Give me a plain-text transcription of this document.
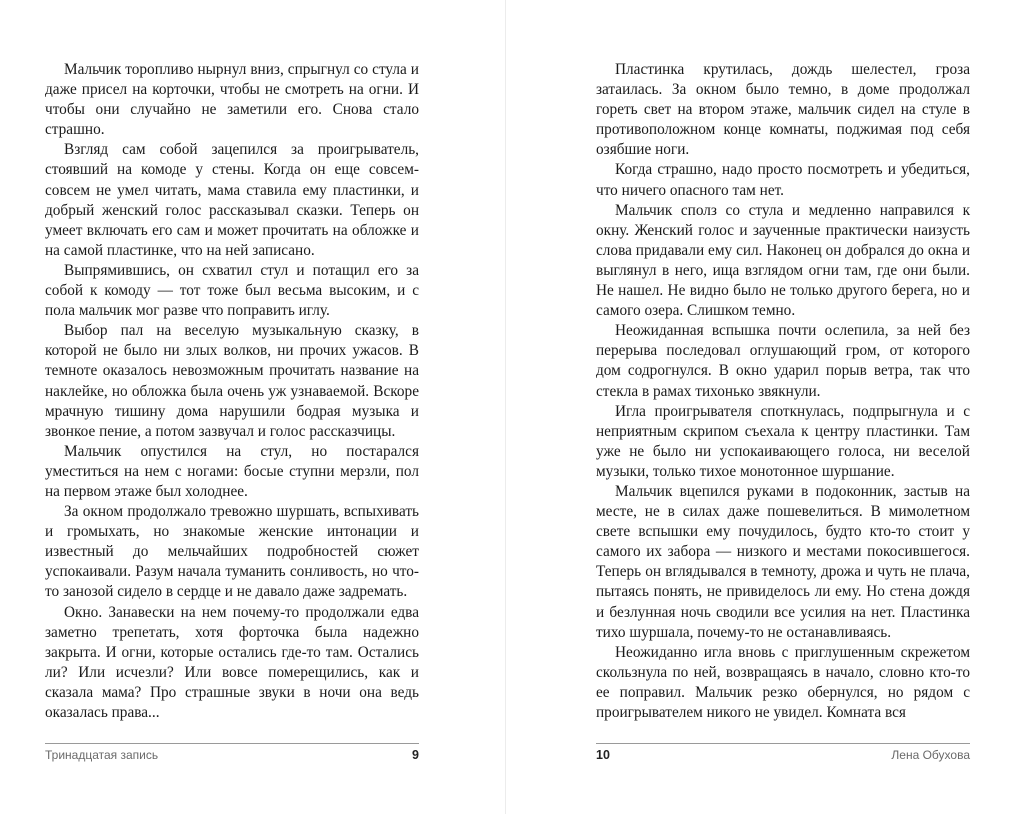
Мальчик торопливо нырнул вниз, спрыгнул со стула и даже присел на корточки, чтобы не смотреть на огни. И чтобы они случайно не заметили его. Снова стало страшно.

Взгляд сам собой зацепился за проигрыватель, стоявший на комоде у стены. Когда он еще совсем-совсем не умел читать, мама ставила ему пластинки, и добрый женский голос рассказывал сказки. Теперь он умеет включать его сам и может прочитать на обложке и на самой пластинке, что на ней записано.

Выпрямившись, он схватил стул и потащил его за собой к комоду — тот тоже был весьма высоким, и с пола мальчик мог разве что поправить иглу.

Выбор пал на веселую музыкальную сказку, в которой не было ни злых волков, ни прочих ужасов. В темноте оказалось невозможным прочитать название на наклейке, но обложка была очень уж узнаваемой. Вскоре мрачную тишину дома нарушили бодрая музыка и звонкое пение, а потом зазвучал и голос рассказчицы.

Мальчик опустился на стул, но постарался уместиться на нем с ногами: босые ступни мерзли, пол на первом этаже был холоднее.

За окном продолжало тревожно шуршать, вспыхивать и громыхать, но знакомые женские интонации и известный до мельчайших подробностей сюжет успокаивали. Разум начала туманить сонливость, но что-то занозой сидело в сердце и не давало даже задремать.

Окно. Занавески на нем почему-то продолжали едва заметно трепетать, хотя форточка была надежно закрыта. И огни, которые остались где-то там. Остались ли? Или исчезли? Или вовсе померещились, как и сказала мама? Про страшные звуки в ночи она ведь оказалась права...

Тринадцатая запись	9

Пластинка крутилась, дождь шелестел, гроза затаилась. За окном было темно, в доме продолжал гореть свет на втором этаже, мальчик сидел на стуле в противоположном конце комнаты, поджимая под себя озябшие ноги.

Когда страшно, надо просто посмотреть и убедиться, что ничего опасного там нет.

Мальчик сполз со стула и медленно направился к окну. Женский голос и заученные практически наизусть слова придавали ему сил. Наконец он добрался до окна и выглянул в него, ища взглядом огни там, где они были. Не нашел. Не видно было не только другого берега, но и самого озера. Слишком темно.

Неожиданная вспышка почти ослепила, за ней без перерыва последовал оглушающий гром, от которого дом содрогнулся. В окно ударил порыв ветра, так что стекла в рамах тихонько звякнули.

Игла проигрывателя споткнулась, подпрыгнула и с неприятным скрипом съехала к центру пластинки. Там уже не было ни успокаивающего голоса, ни веселой музыки, только тихое монотонное шуршание.

Мальчик вцепился руками в подоконник, застыв на месте, не в силах даже пошевелиться. В мимолетном свете вспышки ему почудилось, будто кто-то стоит у самого их забора — низкого и местами покосившегося. Теперь он вглядывался в темноту, дрожа и чуть не плача, пытаясь понять, не привиделось ли ему. Но стена дождя и безлунная ночь сводили все усилия на нет. Пластинка тихо шуршала, почему-то не останавливаясь.

Неожиданно игла вновь с приглушенным скрежетом скользнула по ней, возвращаясь в начало, словно кто-то ее поправил. Мальчик резко обернулся, но рядом с проигрывателем никого не увидел. Комната вся

10	Лена Обухова
